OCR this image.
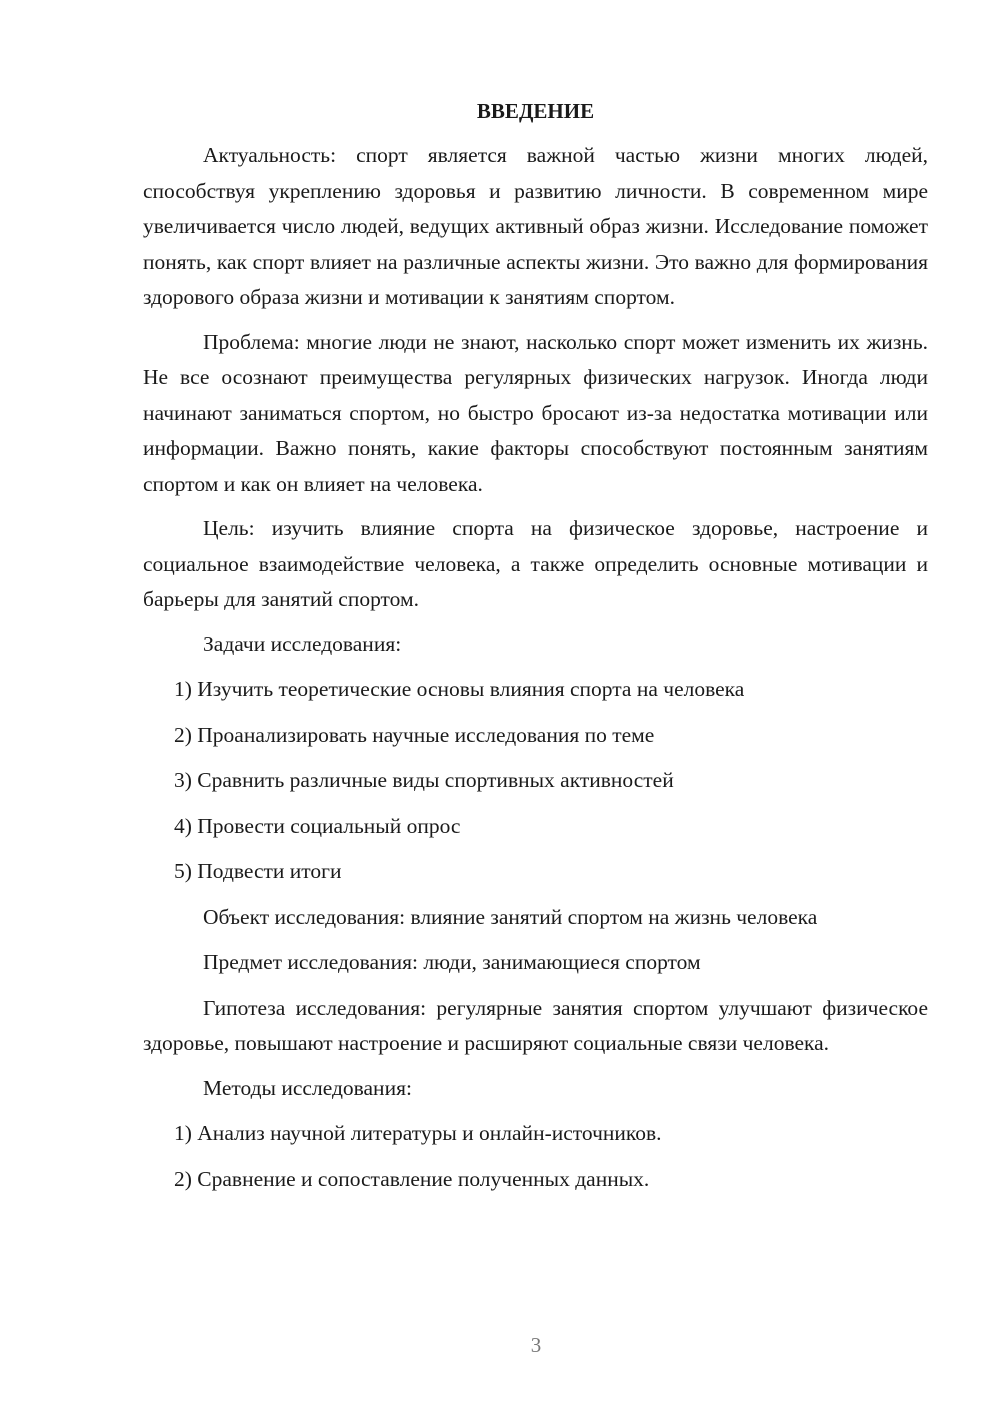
ВВЕДЕНИЕ

Актуальность: спорт является важной частью жизни многих людей, способствуя укреплению здоровья и развитию личности. В современном мире увеличивается число людей, ведущих активный образ жизни. Исследование поможет понять, как спорт влияет на различные аспекты жизни. Это важно для формирования здорового образа жизни и мотивации к занятиям спортом.

Проблема: многие люди не знают, насколько спорт может изменить их жизнь. Не все осознают преимущества регулярных физических нагрузок. Иногда люди начинают заниматься спортом, но быстро бросают из-за недостатка мотивации или информации. Важно понять, какие факторы способствуют постоянным занятиям спортом и как он влияет на человека.

Цель: изучить влияние спорта на физическое здоровье, настроение и социальное взаимодействие человека, а также определить основные мотивации и барьеры для занятий спортом.

Задачи исследования:

1) Изучить теоретические основы влияния спорта на человека
2) Проанализировать научные исследования по теме
3) Сравнить различные виды спортивных активностей
4) Провести социальный опрос
5) Подвести итоги

Объект исследования: влияние занятий спортом на жизнь человека

Предмет исследования: люди, занимающиеся спортом

Гипотеза исследования: регулярные занятия спортом улучшают физическое здоровье, повышают настроение и расширяют социальные связи человека.

Методы исследования:

1) Анализ научной литературы и онлайн-источников.
2) Сравнение и сопоставление полученных данных.
3
